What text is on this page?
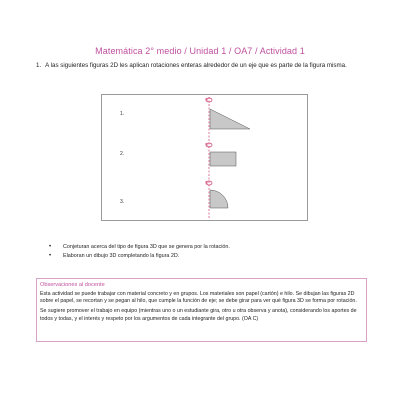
Matemática 2° medio / Unidad 1 / OA7 / Actividad 1
1. A las siguientes figuras 2D les aplican rotaciones enteras alrededor de un eje que es parte de la figura misma.
1.
2.
3.
•	Conjeturan acerca del tipo de figura 3D que se genera por la rotación.
•	Elaboran un dibujo 3D completando la figura 2D.
Observaciones al docente

Esta actividad se puede trabajar con material concreto y en grupos. Los materiales son papel (cartón) e hilo. Se dibujan las figuras 2D sobre el papel, se recortan y se pegan al hilo, que cumple la función de eje; se debe girar para ver qué figura 3D se forma por rotación.

Se sugiere promover el trabajo en equipo (mientras uno o un estudiante gira, otro u otra observa y anota), considerando los aportes de todos y todas, y el interés y respeto por los argumentos de cada integrante del grupo. (OA C)
